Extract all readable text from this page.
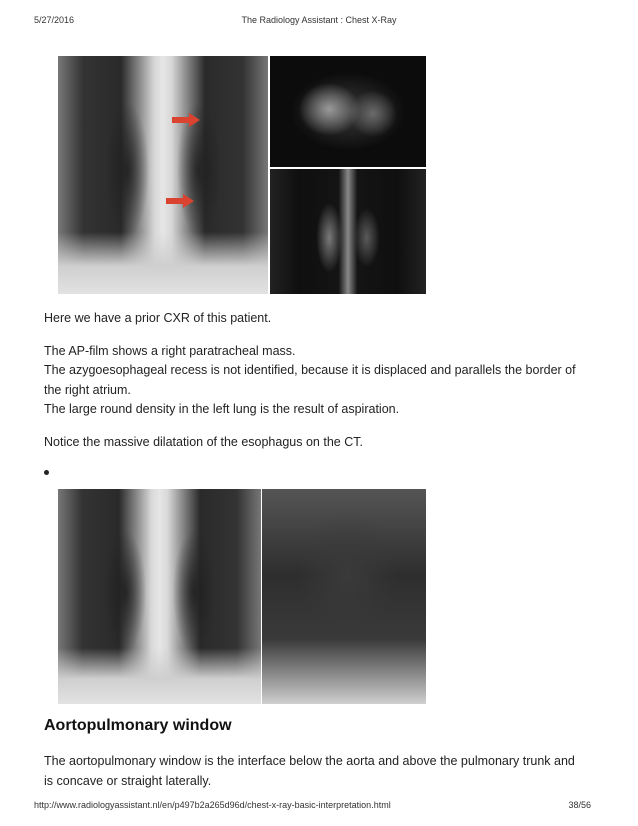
5/27/2016	The Radiology Assistant : Chest X-Ray

Here we have a prior CXR of this patient.

The AP-film shows a right paratracheal mass.

The azygoesophageal recess is not identified, because it is displaced and parallels the border of the right atrium.

The large round density in the left lung is the result of aspiration.

Notice the massive dilatation of the esophagus on the CT.

Aortopulmonary window

The aortopulmonary window is the interface below the aorta and above the pulmonary trunk and is concave or straight laterally.

http://www.radiologyassistant.nl/en/p497b2a265d96d/chest-x-ray-basic-interpretation.html	38/56
